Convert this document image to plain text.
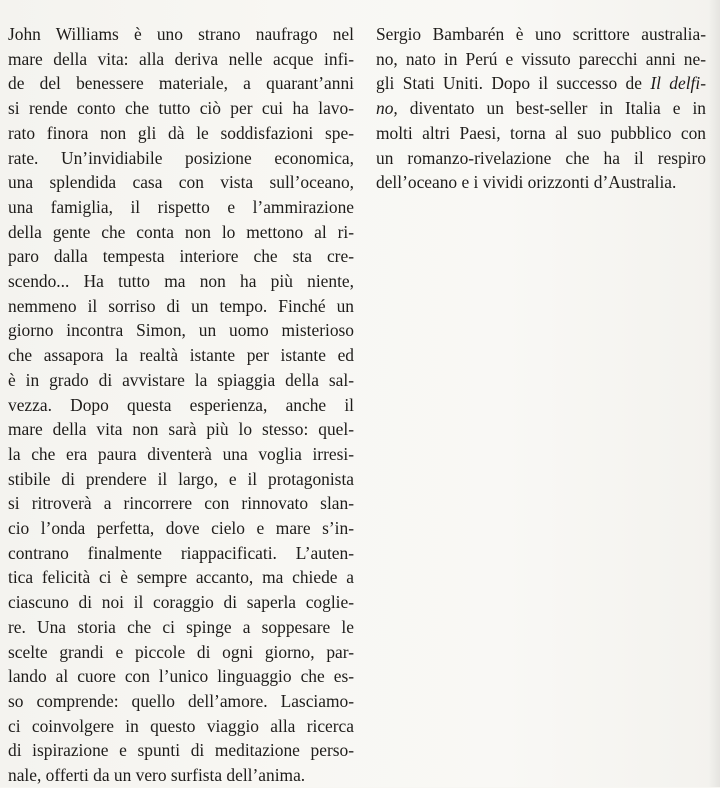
John Williams è uno strano naufrago nel
mare della vita: alla deriva nelle acque infi-
de del benessere materiale, a quarant’anni
si rende conto che tutto ciò per cui ha lavo-
rato finora non gli dà le soddisfazioni spe-
rate. Un’invidiabile posizione economica,
una splendida casa con vista sull’oceano,
una famiglia, il rispetto e l’ammirazione
della gente che conta non lo mettono al ri-
paro dalla tempesta interiore che sta cre-
scendo... Ha tutto ma non ha più niente,
nemmeno il sorriso di un tempo. Finché un
giorno incontra Simon, un uomo misterioso
che assapora la realtà istante per istante ed
è in grado di avvistare la spiaggia della sal-
vezza. Dopo questa esperienza, anche il
mare della vita non sarà più lo stesso: quel-
la che era paura diventerà una voglia irresi-
stibile di prendere il largo, e il protagonista
si ritroverà a rincorrere con rinnovato slan-
cio l’onda perfetta, dove cielo e mare s’in-
contrano finalmente riappacificati. L’auten-
tica felicità ci è sempre accanto, ma chiede a
ciascuno di noi il coraggio di saperla coglie-
re. Una storia che ci spinge a soppesare le
scelte grandi e piccole di ogni giorno, par-
lando al cuore con l’unico linguaggio che es-
so comprende: quello dell’amore. Lasciamo-
ci coinvolgere in questo viaggio alla ricerca
di ispirazione e spunti di meditazione perso-
nale, offerti da un vero surfista dell’anima.
Sergio Bambarén è uno scrittore australia-
no, nato in Perú e vissuto parecchi anni ne-
gli Stati Uniti. Dopo il successo de Il delfi-
no, diventato un best-seller in Italia e in
molti altri Paesi, torna al suo pubblico con
un romanzo-rivelazione che ha il respiro
dell’oceano e i vividi orizzonti d’Australia.
